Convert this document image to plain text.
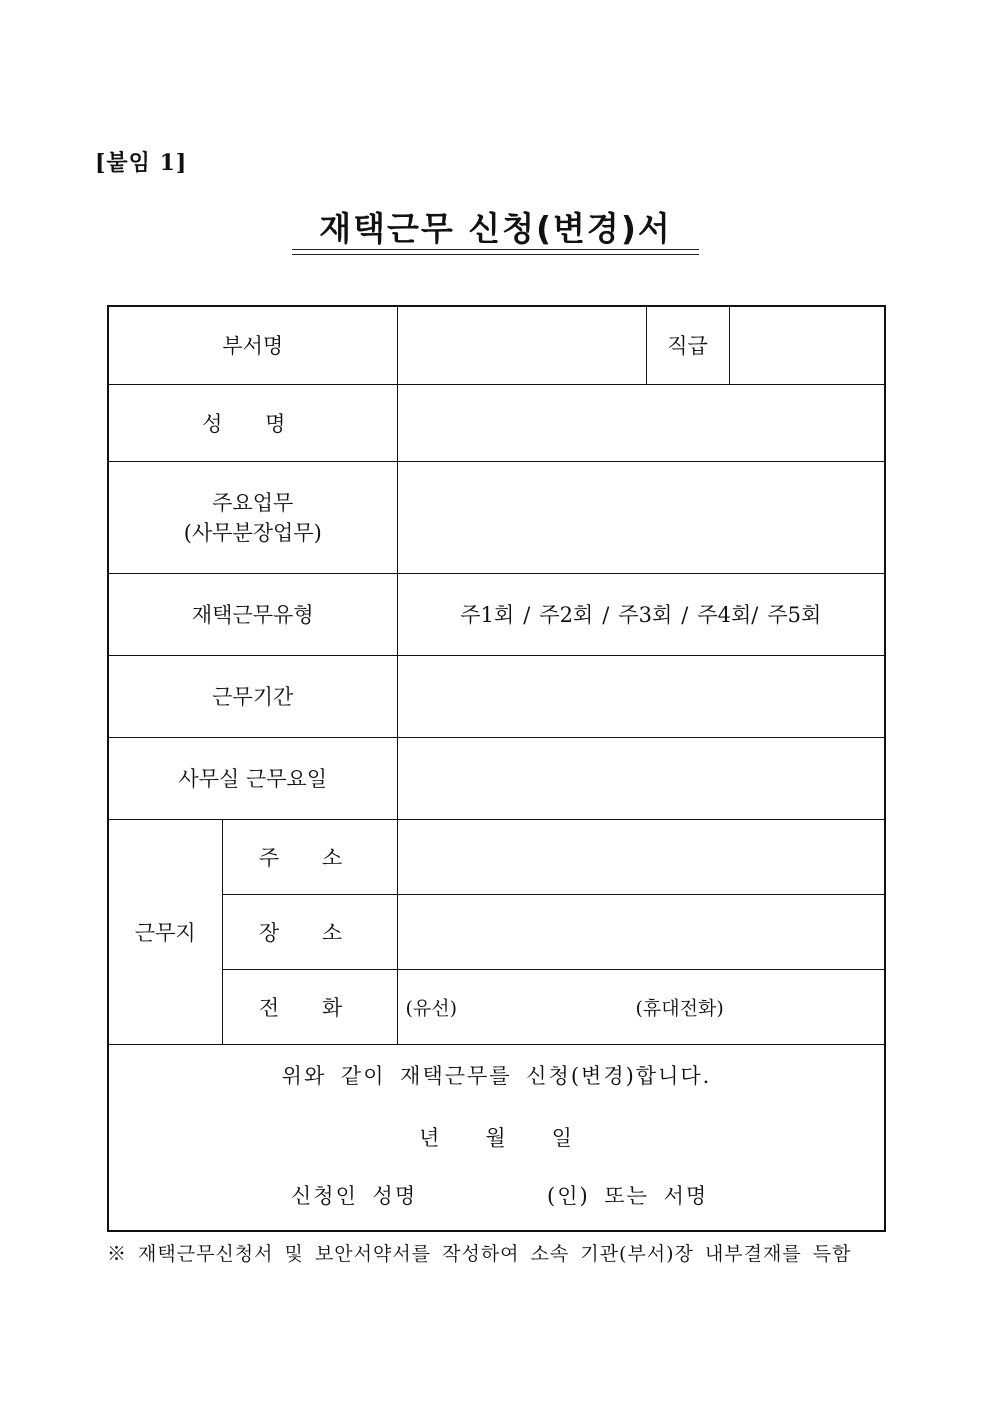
[붙임 1]
재택근무 신청(변경)서
부서명			직급	
성 명				

주요업무
(사무분장업무)				

재택근무유형		주1회 / 주2회 / 주3회 / 주4회/ 주5회		
근무기간				
사무실 근무요일				
근무지	주 소			
	장 소			
	전 화	(유선) (휴대전화)		

위와 같이 재택근무를 신청(변경)합니다.
년 월 일
신청인 성명 (인) 또는 서명				
※ 재택근무신청서 및 보안서약서를 작성하여 소속 기관(부서)장 내부결재를 득함
